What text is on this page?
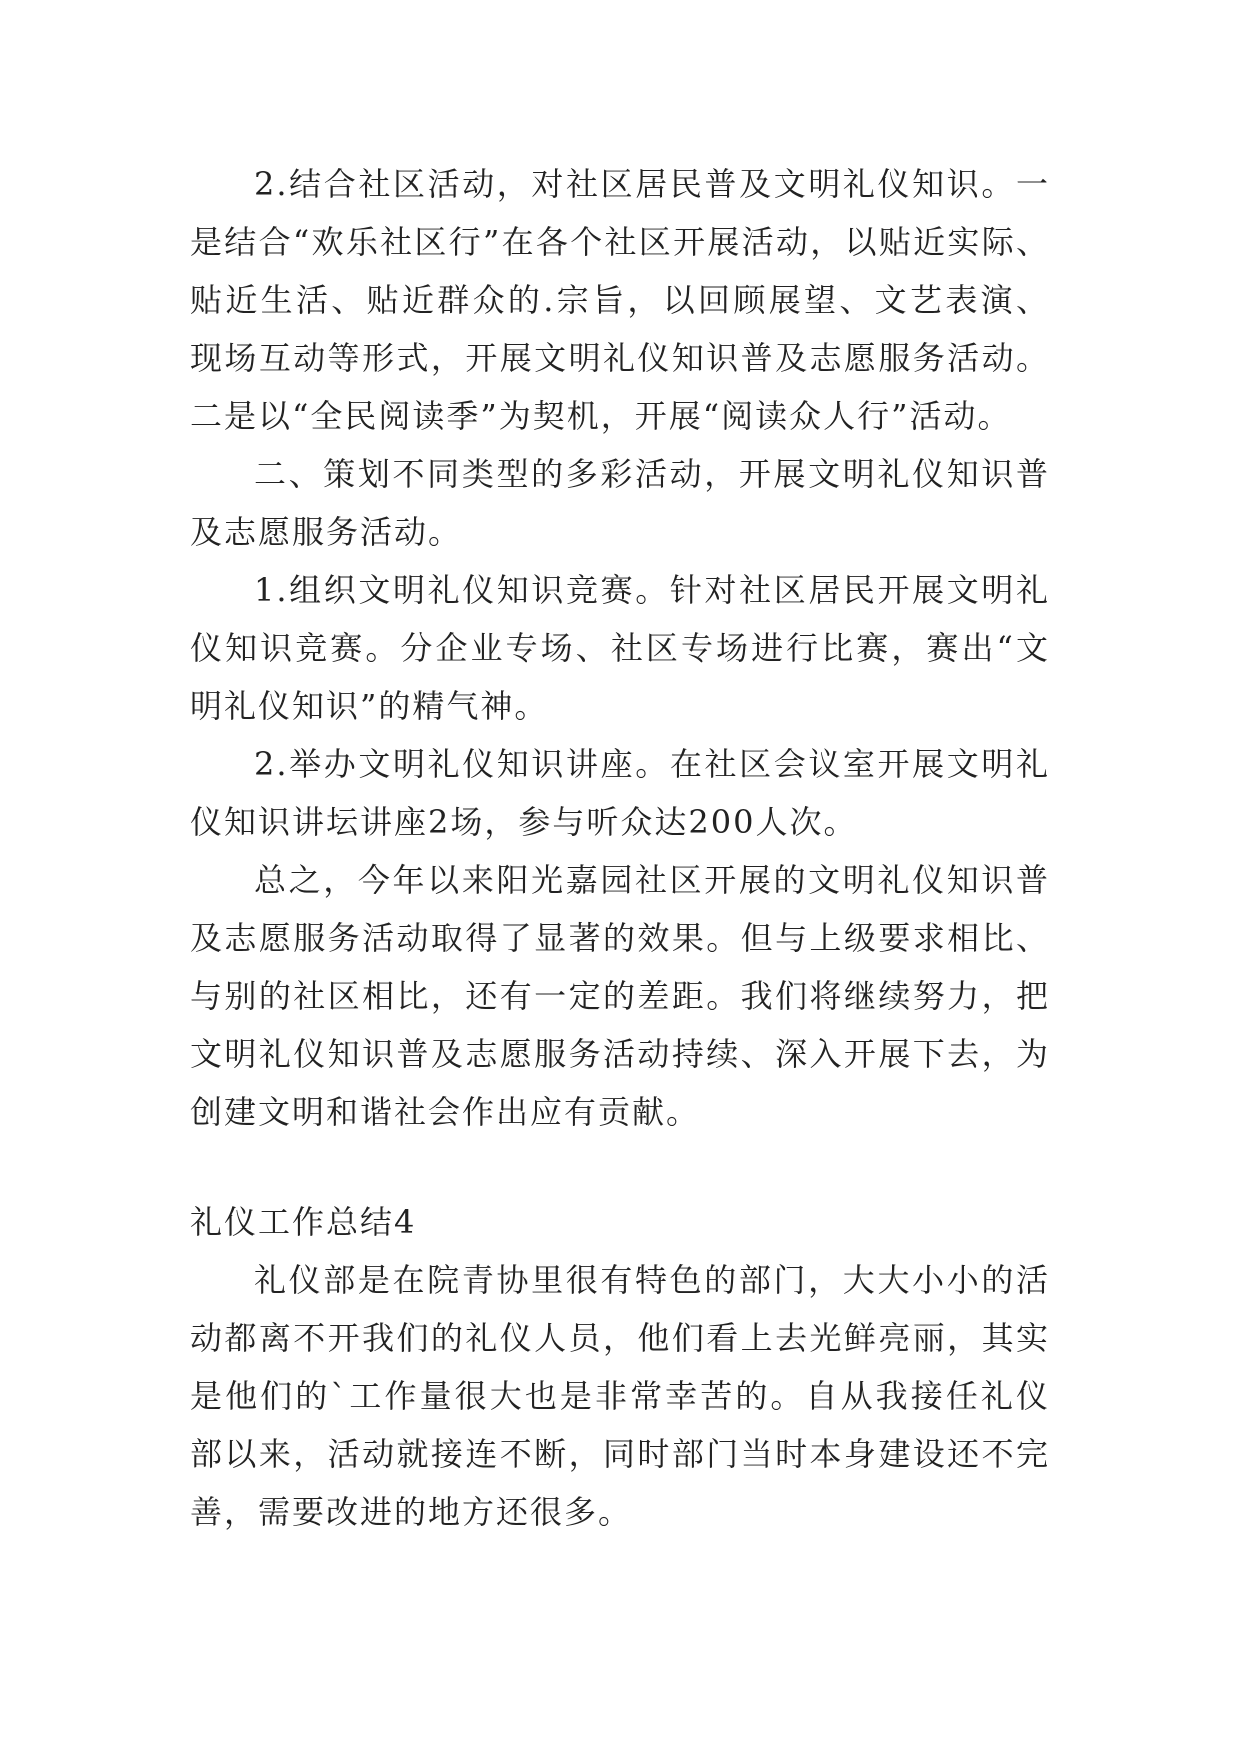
2.结合社区活动，对社区居民普及文明礼仪知识。一是结合“欢乐社区行”在各个社区开展活动，以贴近实际、贴近生活、贴近群众的.宗旨，以回顾展望、文艺表演、现场互动等形式，开展文明礼仪知识普及志愿服务活动。二是以“全民阅读季”为契机，开展“阅读众人行”活动。

二、策划不同类型的多彩活动，开展文明礼仪知识普及志愿服务活动。

1.组织文明礼仪知识竞赛。针对社区居民开展文明礼仪知识竞赛。分企业专场、社区专场进行比赛，赛出“文明礼仪知识”的精气神。

2.举办文明礼仪知识讲座。在社区会议室开展文明礼仪知识讲坛讲座2场，参与听众达200人次。

总之，今年以来阳光嘉园社区开展的文明礼仪知识普及志愿服务活动取得了显著的效果。但与上级要求相比、与别的社区相比，还有一定的差距。我们将继续努力，把文明礼仪知识普及志愿服务活动持续、深入开展下去，为创建文明和谐社会作出应有贡献。

礼仪工作总结4

礼仪部是在院青协里很有特色的部门，大大小小的活动都离不开我们的礼仪人员，他们看上去光鲜亮丽，其实是他们的`工作量很大也是非常幸苦的。自从我接任礼仪部以来，活动就接连不断，同时部门当时本身建设还不完善，需要改进的地方还很多。
